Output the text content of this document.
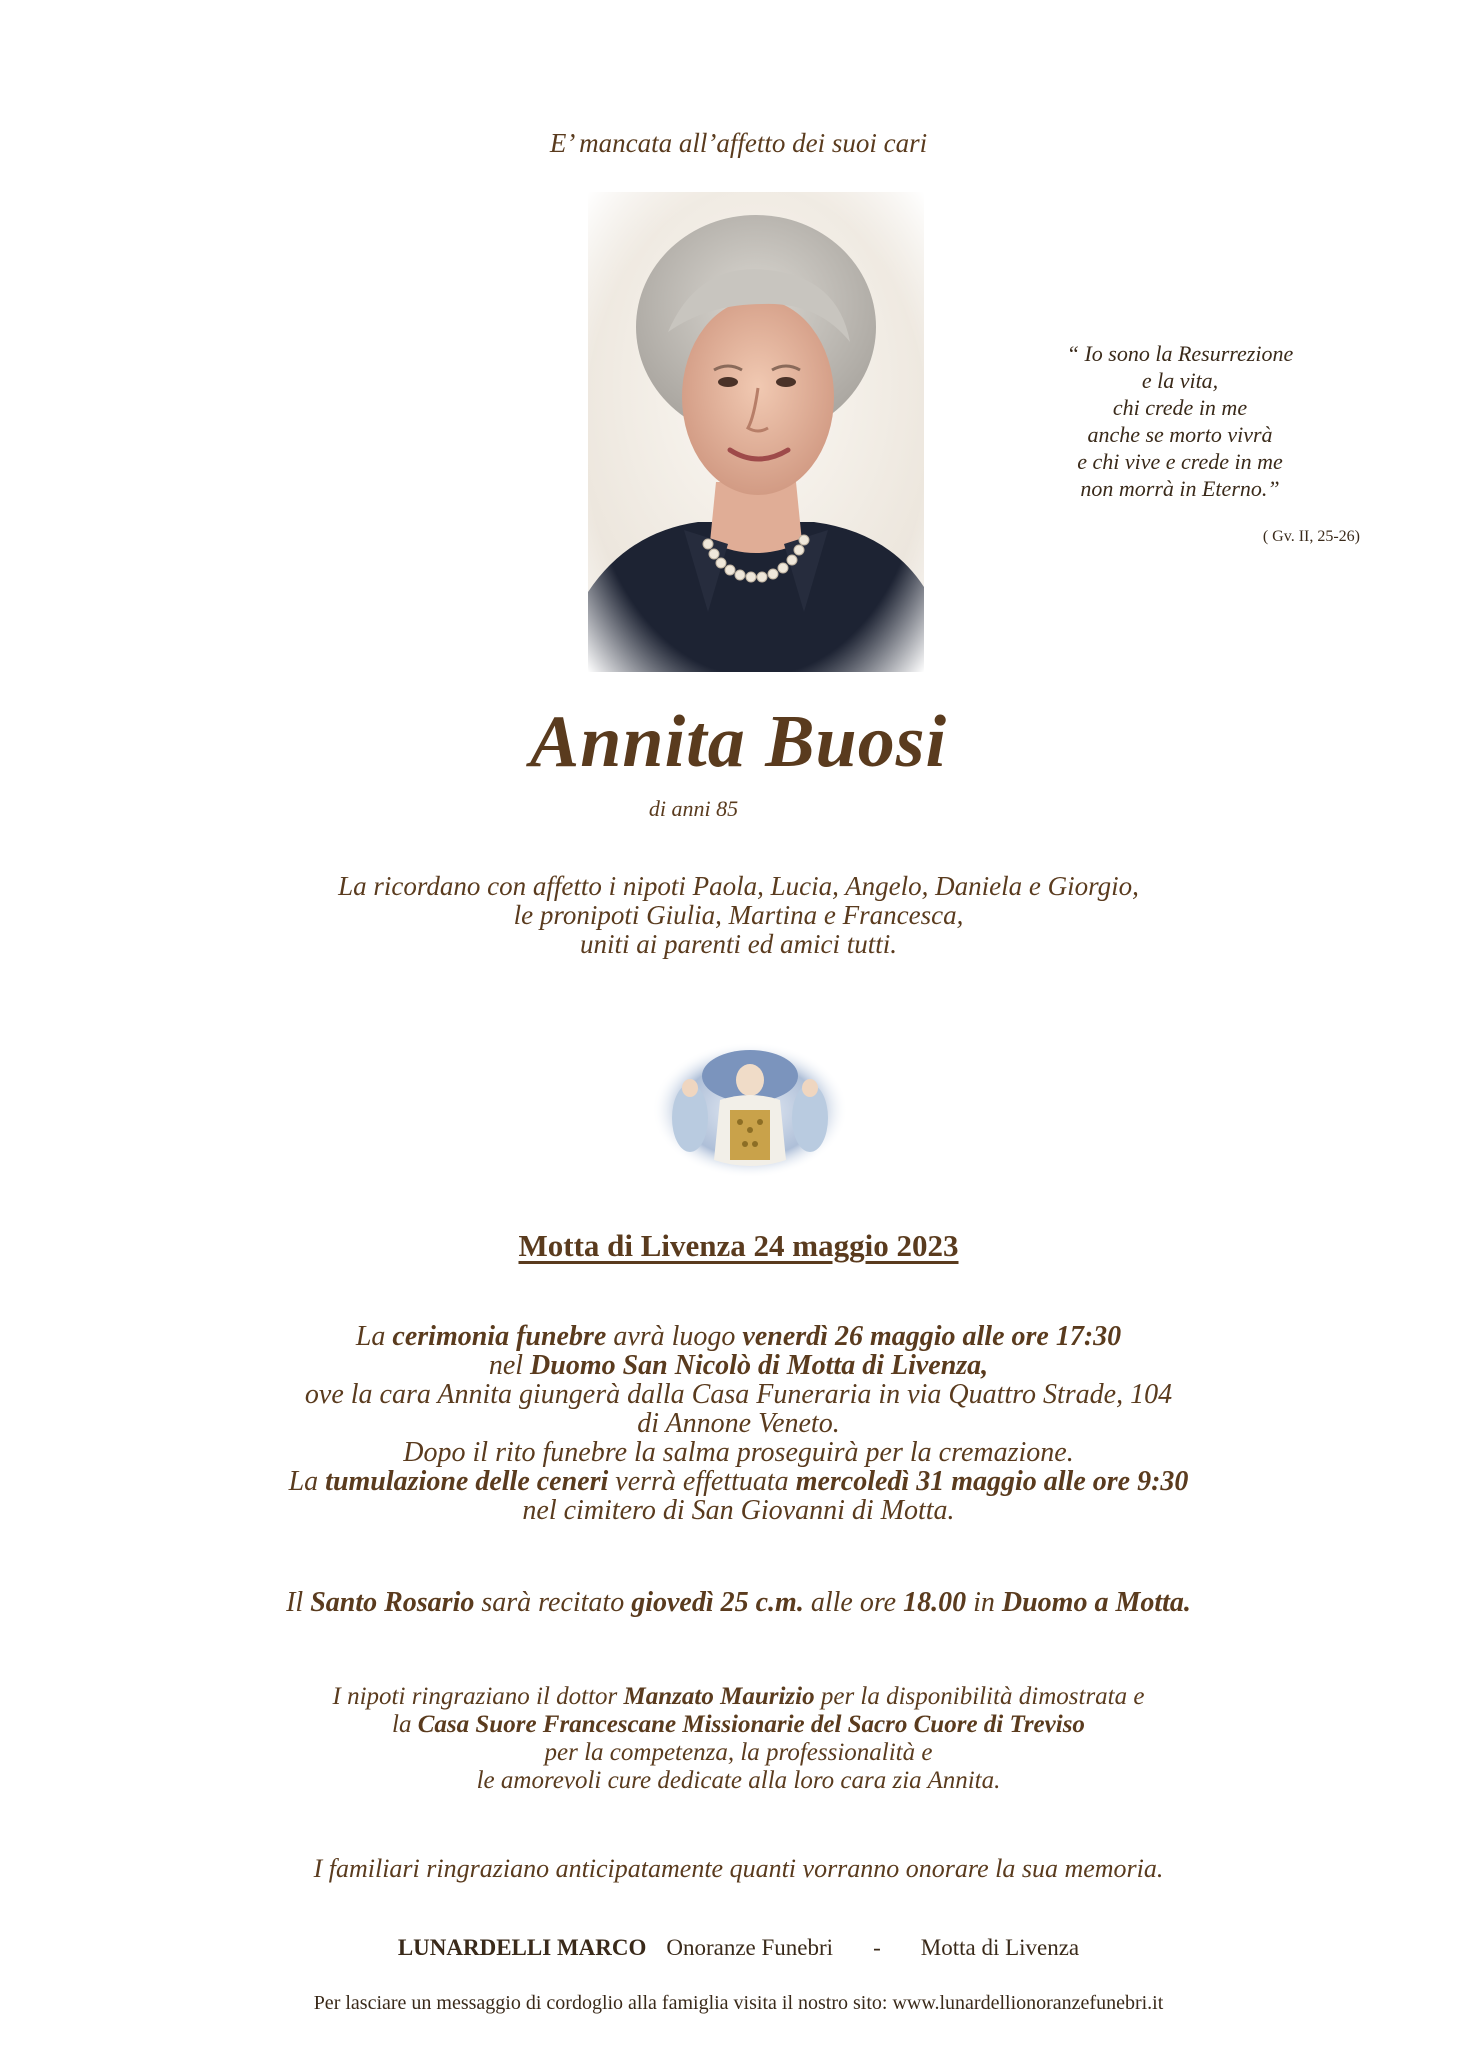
E’ mancata all’affetto dei suoi cari
“ Io sono la Resurrezione
e la vita,
chi crede in me
anche se morto vivrà
e chi vive e crede in me
non morrà in Eterno.”
( Gv. II, 25-26)
Annita Buosi
di anni 85
La ricordano con affetto i nipoti Paola, Lucia, Angelo, Daniela e Giorgio,
le pronipoti Giulia, Martina e Francesca,
uniti ai parenti ed amici tutti.
Motta di Livenza 24 maggio 2023
La cerimonia funebre avrà luogo venerdì 26 maggio alle ore 17:30
nel Duomo San Nicolò di Motta di Livenza,
ove la cara Annita giungerà dalla Casa Funeraria in via Quattro Strade, 104
di Annone Veneto.
Dopo il rito funebre la salma proseguirà per la cremazione.
La tumulazione delle ceneri verrà effettuata mercoledì 31 maggio alle ore 9:30
nel cimitero di San Giovanni di Motta.
Il Santo Rosario sarà recitato giovedì 25 c.m. alle ore 18.00 in Duomo a Motta.
I nipoti ringraziano il dottor Manzato Maurizio per la disponibilità dimostrata e
la Casa Suore Francescane Missionarie del Sacro Cuore di Treviso
per la competenza, la professionalità e
le amorevoli cure dedicate alla loro cara zia Annita.
I familiari ringraziano anticipatamente quanti vorranno onorare la sua memoria.
LUNARDELLI MARCO Onoranze Funebri - Motta di Livenza
Per lasciare un messaggio di cordoglio alla famiglia visita il nostro sito: www.lunardellionoranzefunebri.it
